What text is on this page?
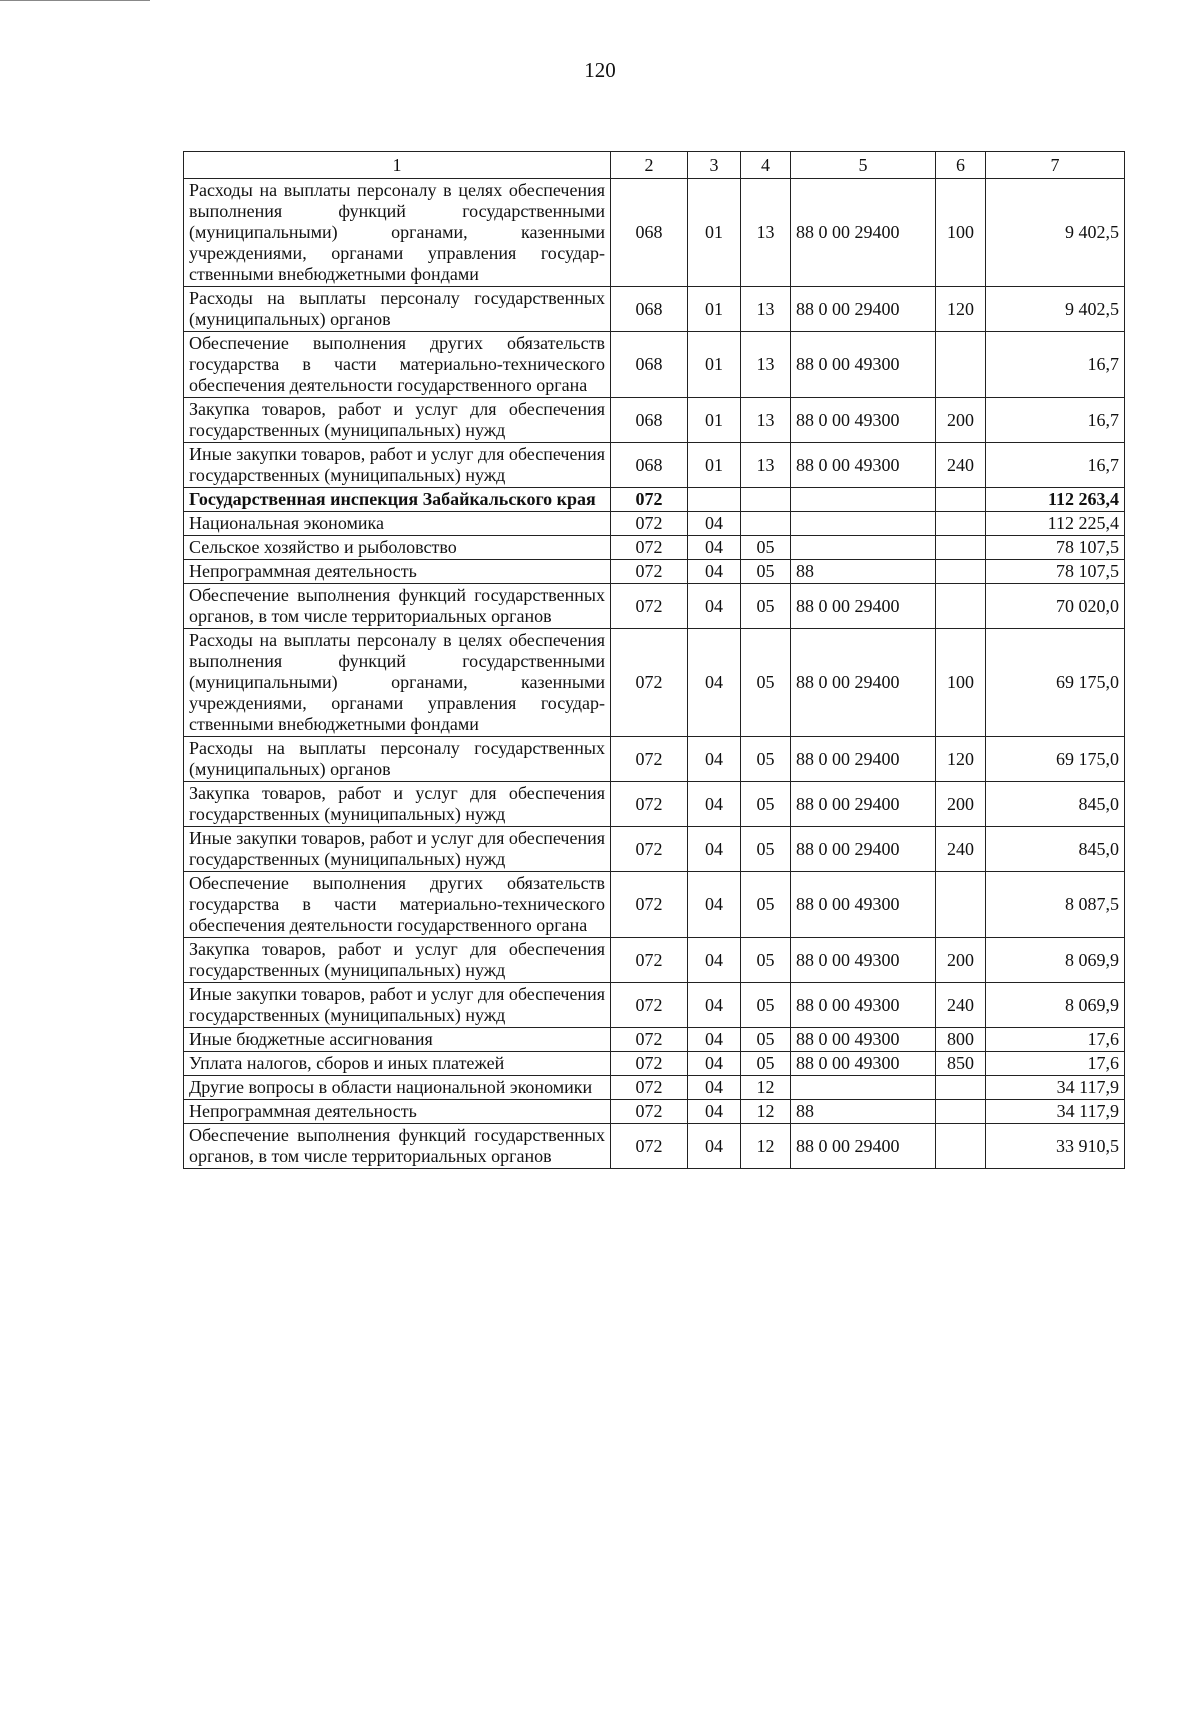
120
1	2	3	4	5	6	7
Расходы на выплаты персоналу в целях обеспечения выполнения функций государственными (муниципальными) органами, казенными учреждениями, органами управления государственными внебюджетными фондами	068	01	13	88 0 00 29400	100	9 402,5
Расходы на выплаты персоналу государственных (муниципальных) органов	068	01	13	88 0 00 29400	120	9 402,5
Обеспечение выполнения других обязательств государства в части материально-технического обеспечения деятельности государственного органа	068	01	13	88 0 00 49300		16,7
Закупка товаров, работ и услуг для обеспечения государственных (муниципальных) нужд	068	01	13	88 0 00 49300	200	16,7
Иные закупки товаров, работ и услуг для обеспечения государственных (муниципальных) нужд	068	01	13	88 0 00 49300	240	16,7
Государственная инспекция Забайкальского края	072					112 263,4
Национальная экономика	072	04				112 225,4
Сельское хозяйство и рыболовство	072	04	05			78 107,5
Непрограммная деятельность	072	04	05	88		78 107,5
Обеспечение выполнения функций государственных органов, в том числе территориальных органов	072	04	05	88 0 00 29400		70 020,0
Расходы на выплаты персоналу в целях обеспечения выполнения функций государственными (муниципальными) органами, казенными учреждениями, органами управления государственными внебюджетными фондами	072	04	05	88 0 00 29400	100	69 175,0
Расходы на выплаты персоналу государственных (муниципальных) органов	072	04	05	88 0 00 29400	120	69 175,0
Закупка товаров, работ и услуг для обеспечения государственных (муниципальных) нужд	072	04	05	88 0 00 29400	200	845,0
Иные закупки товаров, работ и услуг для обеспечения государственных (муниципальных) нужд	072	04	05	88 0 00 29400	240	845,0
Обеспечение выполнения других обязательств государства в части материально-технического обеспечения деятельности государственного органа	072	04	05	88 0 00 49300		8 087,5
Закупка товаров, работ и услуг для обеспечения государственных (муниципальных) нужд	072	04	05	88 0 00 49300	200	8 069,9
Иные закупки товаров, работ и услуг для обеспечения государственных (муниципальных) нужд	072	04	05	88 0 00 49300	240	8 069,9
Иные бюджетные ассигнования	072	04	05	88 0 00 49300	800	17,6
Уплата налогов, сборов и иных платежей	072	04	05	88 0 00 49300	850	17,6
Другие вопросы в области национальной экономики	072	04	12			34 117,9
Непрограммная деятельность	072	04	12	88		34 117,9
Обеспечение выполнения функций государственных органов, в том числе территориальных органов	072	04	12	88 0 00 29400		33 910,5
